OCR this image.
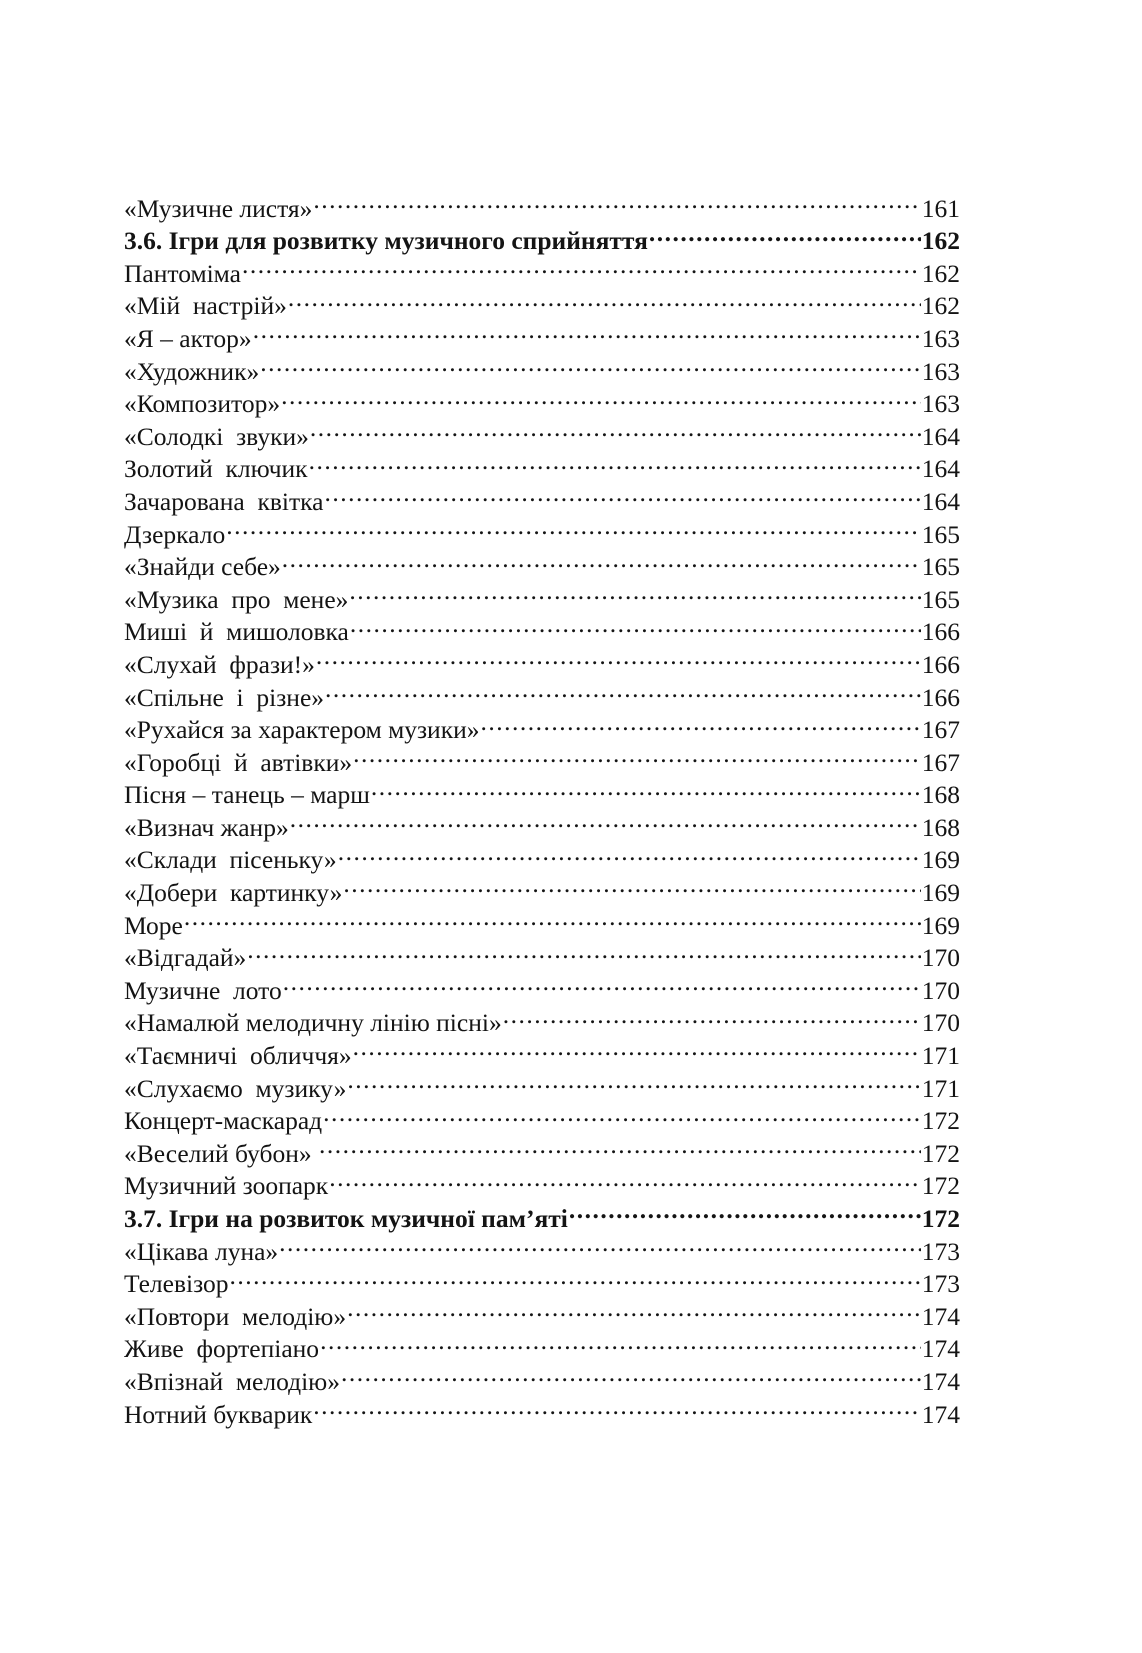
«Музичне листя» .....	161
3.6. Ігри для розвитку музичного сприйняття .....	162
Пантоміма .....	162
«Мій  настрій» .....	162
«Я – актор» .....	163
«Художник» .....	163
«Композитор» .....	163
«Солодкі  звуки» .....	164
Золотий  ключик .....	164
Зачарована  квітка .....	164
Дзеркало .....	165
«Знайди себе» .....	165
«Музика  про  мене» .....	165
Миші  й  мишоловка .....	166
«Слухай  фрази!» .....	166
«Спільне  і  різне» .....	166
«Рухайся за характером музики» .....	167
«Горобці  й  автівки» .....	167
Пісня – танець – марш .....	168
«Визнач жанр» .....	168
«Склади  пісеньку» .....	169
«Добери  картинку» .....	169
Море .....	169
«Відгадай» .....	170
Музичне  лото .....	170
«Намалюй мелодичну лінію пісні» .....	170
«Таємничі  обличчя» .....	171
«Слухаємо  музику» .....	171
Концерт-маскарад .....	172
«Веселий бубон» .....	172
Музичний зоопарк .....	172
3.7. Ігри на розвиток музичної пам’яті .....	172
«Цікава луна» .....	173
Телевізор .....	173
«Повтори  мелодію» .....	174
Живе  фортепіано .....	174
«Впізнай  мелодію» .....	174
Нотний букварик .....	174
